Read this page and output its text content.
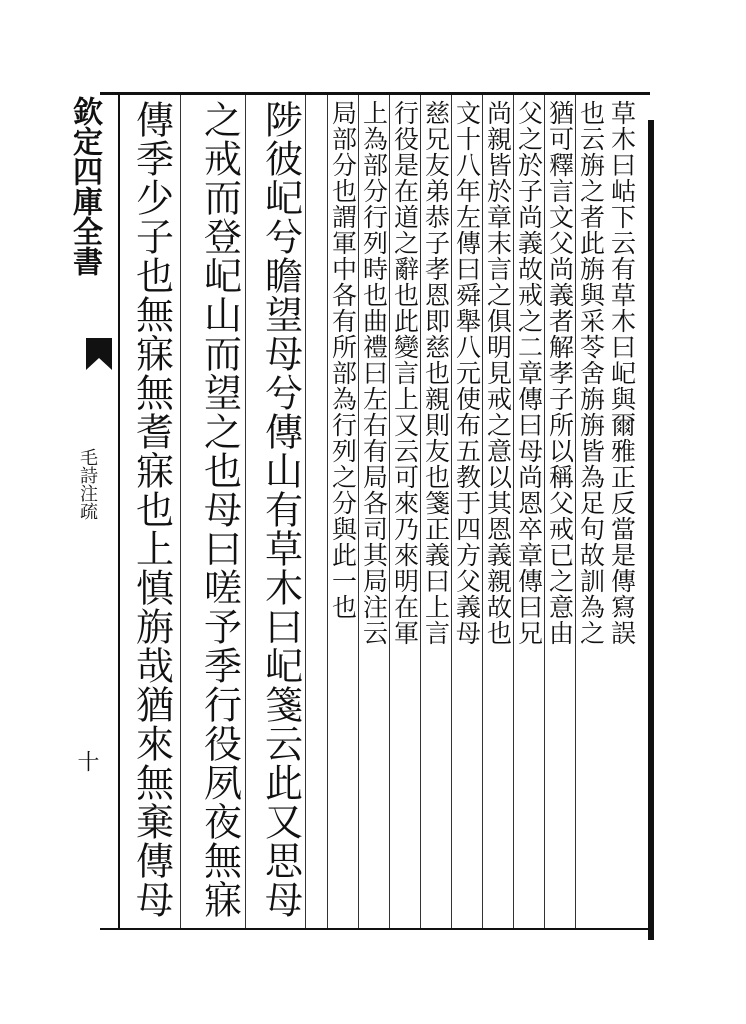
欽定四庫全書
毛詩注疏
十
草木曰岵下云有草木曰屺與爾雅正反當是傳寫誤
也云旃之者此旃與采苓舍旃旃皆為足句故訓為之
猶可釋言文父尚義者解孝子所以稱父戒已之意由
父之於子尚義故戒之二章傳曰母尚恩卒章傳曰兄
尚親皆於章末言之俱明見戒之意以其恩義親故也
文十八年左傳曰舜舉八元使布五教于四方父義母
慈兄友弟恭子孝恩即慈也親則友也箋正義曰上言
行役是在道之辭也此變言上又云可來乃來明在軍
上為部分行列時也曲禮曰左右有局各司其局注云
局部分也謂軍中各有所部為行列之分與此一也
陟彼屺兮瞻望母兮傳山有草木曰屺箋云此又思母
之戒而登屺山而望之也母曰嗟予季行役夙夜無寐
傳季少子也無寐無耆寐也上慎旃哉猶來無棄傳母
